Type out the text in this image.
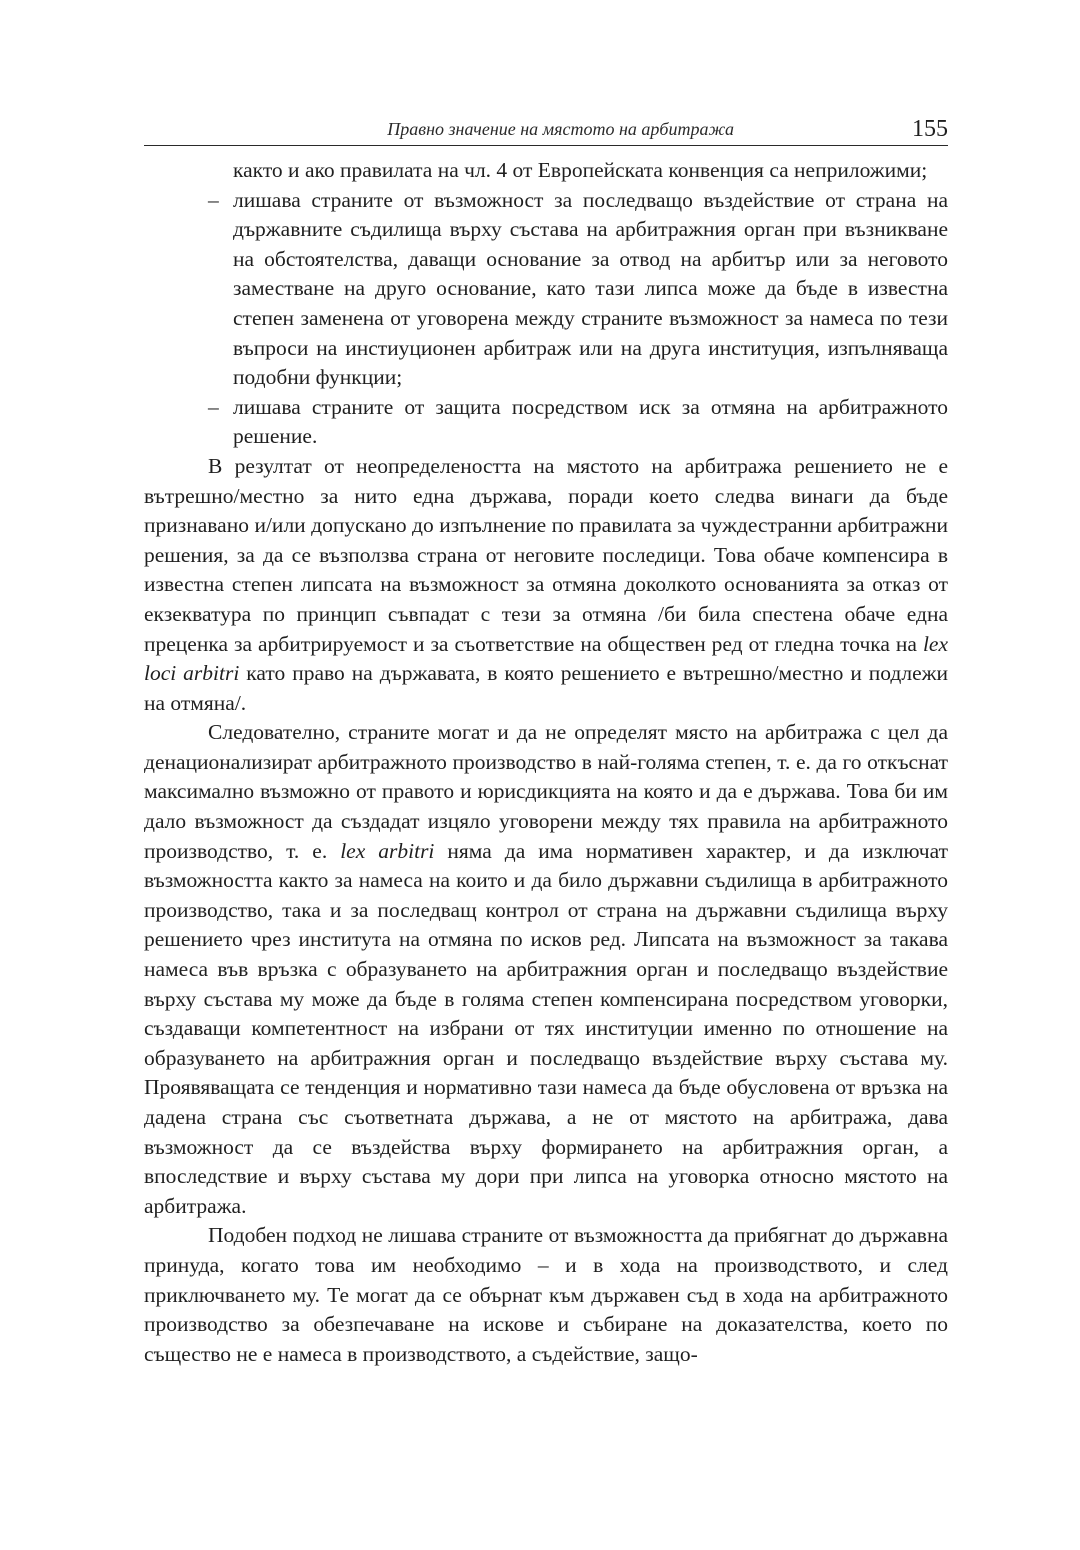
Правно значение на мястото на арбитража	155
както и ако правилата на чл. 4 от Европейската конвенция са неприложими;
– лишава страните от възможност за последващо въздействие от страна на държавните съдилища върху състава на арбитражния орган при възникване на обстоятелства, даващи основание за отвод на арбитър или за неговото заместване на друго основание, като тази липса може да бъде в известна степен заменена от уговорена между страните възможност за намеса по тези въпроси на инстиуционен арбитраж или на друга институция, изпълняваща подобни функции;
– лишава страните от защита посредством иск за отмяна на арбитражното решение.

В резултат от неопределеността на мястото на арбитража решението не е вътрешно/местно за нито една държава, поради което следва винаги да бъде признавано и/или допускано до изпълнение по правилата за чуждестранни арбитражни решения, за да се възползва страна от неговите последици. Това обаче компенсира в известна степен липсата на възможност за отмяна доколкото основанията за отказ от екзекватура по принцип съвпадат с тези за отмяна /би била спестена обаче една преценка за арбитрируемост и за съответствие на обществен ред от гледна точка на lex loci arbitri като право на държавата, в която решението е вътрешно/местно и подлежи на отмяна/.

Следователно, страните могат и да не определят място на арбитража с цел да денационализират арбитражното производство в най-голяма степен, т. е. да го откъснат максимално възможно от правото и юрисдикцията на която и да е държава. Това би им дало възможност да създадат изцяло уговорени между тях правила на арбитражното производство, т. е. lex arbitri няма да има нормативен характер, и да изключат възможността както за намеса на които и да било държавни съдилища в арбитражното производство, така и за последващ контрол от страна на държавни съдилища върху решението чрез института на отмяна по исков ред. Липсата на възможност за такава намеса във връзка с образуването на арбитражния орган и последващо въздействие върху състава му може да бъде в голяма степен компенсирана посредством уговорки, създаващи компетентност на избрани от тях институции именно по отношение на образуването на арбитражния орган и последващо въздействие върху състава му. Проявяващата се тенденция и нормативно тази намеса да бъде обусловена от връзка на дадена страна със съответната държава, а не от мястото на арбитража, дава възможност да се въздейства върху формирането на арбитражния орган, а впоследствие и върху състава му дори при липса на уговорка относно мястото на арбитража.

Подобен подход не лишава страните от възможността да прибягнат до държавна принуда, когато това им необходимо – и в хода на производството, и след приключването му. Те могат да се обърнат към държавен съд в хода на арбитражното производство за обезпечаване на искове и събиране на доказателства, което по същество не е намеса в производството, а съдействие, защо-
